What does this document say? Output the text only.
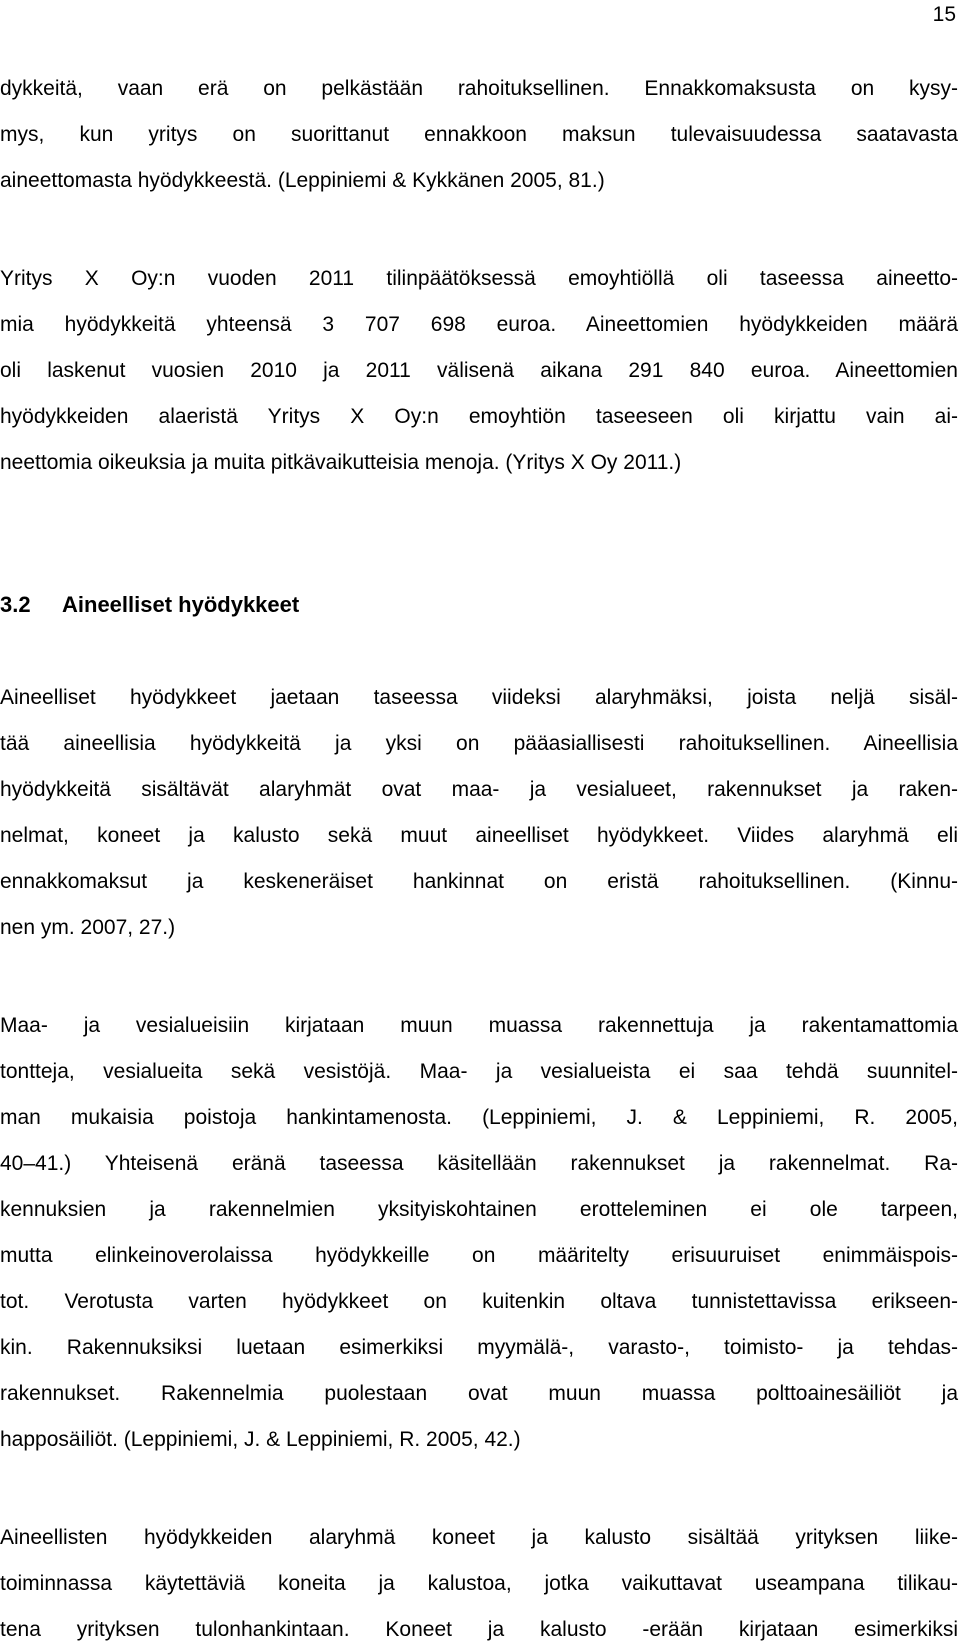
15
dykkeitä, vaan erä on pelkästään rahoituksellinen. Ennakkomaksusta on kysy-
mys, kun yritys on suorittanut ennakkoon maksun tulevaisuudessa saatavasta
aineettomasta hyödykkeestä. (Leppiniemi & Kykkänen 2005, 81.)
Yritys X Oy:n vuoden 2011 tilinpäätöksessä emoyhtiöllä oli taseessa aineetto-
mia hyödykkeitä yhteensä 3 707 698 euroa. Aineettomien hyödykkeiden määrä
oli laskenut vuosien 2010 ja 2011 välisenä aikana 291 840 euroa. Aineettomien
hyödykkeiden alaeristä Yritys X Oy:n emoyhtiön taseeseen oli kirjattu vain ai-
neettomia oikeuksia ja muita pitkävaikutteisia menoja. (Yritys X Oy 2011.)
3.2 Aineelliset hyödykkeet
Aineelliset hyödykkeet jaetaan taseessa viideksi alaryhmäksi, joista neljä sisäl-
tää aineellisia hyödykkeitä ja yksi on pääasiallisesti rahoituksellinen. Aineellisia
hyödykkeitä sisältävät alaryhmät ovat maa- ja vesialueet, rakennukset ja raken-
nelmat, koneet ja kalusto sekä muut aineelliset hyödykkeet. Viides alaryhmä eli
ennakkomaksut ja keskeneräiset hankinnat on eristä rahoituksellinen. (Kinnu-
nen ym. 2007, 27.)
Maa- ja vesialueisiin kirjataan muun muassa rakennettuja ja rakentamattomia
tontteja, vesialueita sekä vesistöjä. Maa- ja vesialueista ei saa tehdä suunnitel-
man mukaisia poistoja hankintamenosta. (Leppiniemi, J. & Leppiniemi, R. 2005,
40–41.) Yhteisenä eränä taseessa käsitellään rakennukset ja rakennelmat. Ra-
kennuksien ja rakennelmien yksityiskohtainen erotteleminen ei ole tarpeen,
mutta elinkeinoverolaissa hyödykkeille on määritelty erisuuruiset enimmäispois-
tot. Verotusta varten hyödykkeet on kuitenkin oltava tunnistettavissa erikseen-
kin. Rakennuksiksi luetaan esimerkiksi myymälä-, varasto-, toimisto- ja tehdas-
rakennukset. Rakennelmia puolestaan ovat muun muassa polttoainesäiliöt ja
happosäiliöt. (Leppiniemi, J. & Leppiniemi, R. 2005, 42.)
Aineellisten hyödykkeiden alaryhmä koneet ja kalusto sisältää yrityksen liike-
toiminnassa käytettäviä koneita ja kalustoa, jotka vaikuttavat useampana tilikau-
tena yrityksen tulonhankintaan. Koneet ja kalusto -erään kirjataan esimerkiksi
